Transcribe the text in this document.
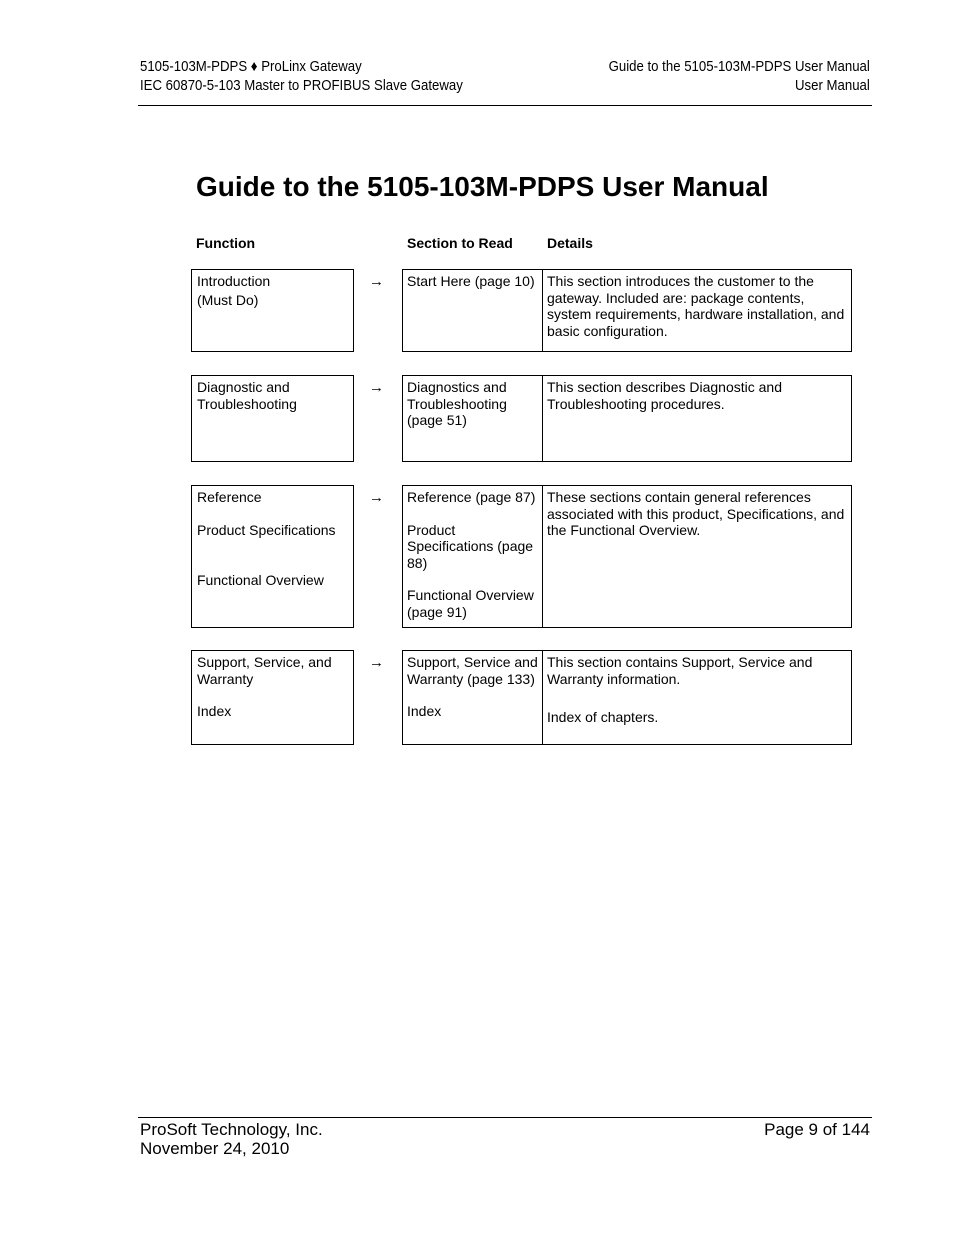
5105-103M-PDPS ♦ ProLinx Gateway
IEC 60870-5-103 Master to PROFIBUS Slave Gateway
Guide to the 5105-103M-PDPS User Manual
User Manual
Guide to the 5105-103M-PDPS User Manual
Function	Section to Read Details

Introduction

(Must Do)

→ Start Here (page 10) This section introduces the customer to the gateway. Included are: package contents, system requirements, hardware installation, and basic configuration.

Diagnostic and Troubleshooting

→ Diagnostics and Troubleshooting (page 51)

This section describes Diagnostic and Troubleshooting procedures.

Reference

Product Specifications

Functional Overview

→ Reference (page 87)

Product Specifications (page 88)

Functional Overview (page 91)

These sections contain general references associated with this product, Specifications, and the Functional Overview.

Support, Service, and Warranty

Index

→ Support, Service and Warranty (page 133)

Index

This section contains Support, Service and Warranty information.

Index of chapters.

ProSoft Technology, Inc.
November 24, 2010
Page 9 of 144
